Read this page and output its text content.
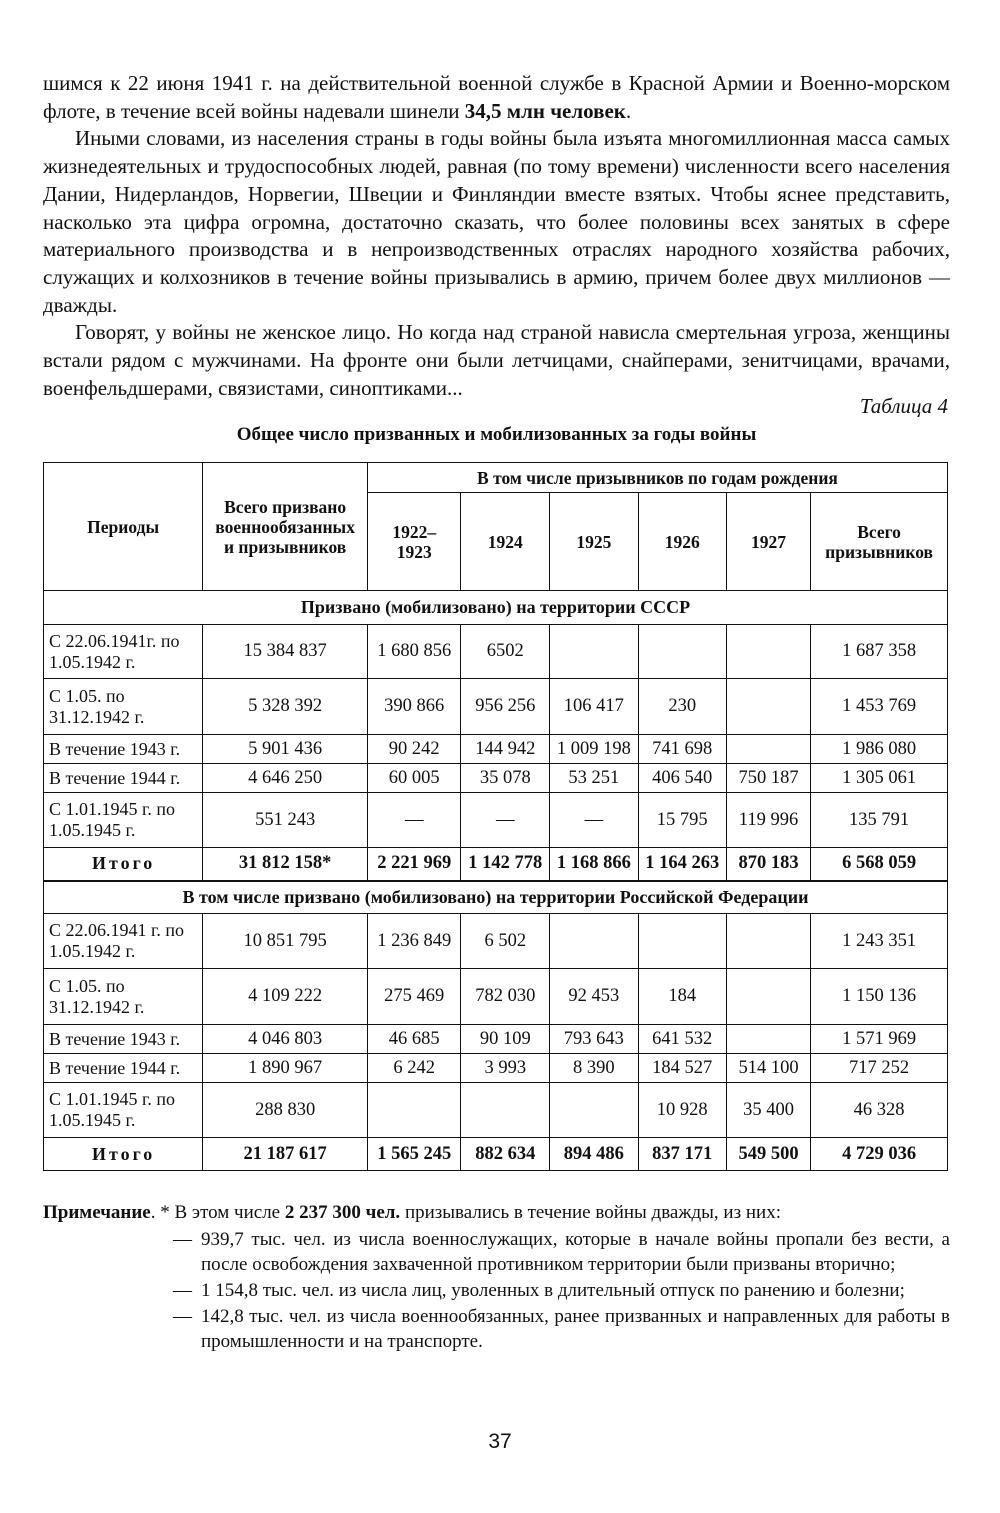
шимся к 22 июня 1941 г. на действительной военной службе в Красной Армии и Военно-морском флоте, в течение всей войны надевали шинели 34,5 млн человек.

Иными словами, из населения страны в годы войны была изъята многомиллионная масса самых жизнедеятельных и трудоспособных людей, равная (по тому времени) численности всего населения Дании, Нидерландов, Норвегии, Швеции и Финляндии вместе взятых. Чтобы яснее представить, насколько эта цифра огромна, достаточно сказать, что более половины всех занятых в сфере материального производства и в непроизводственных отраслях народного хозяйства рабочих, служащих и колхозников в течение войны призывались в армию, причем более двух миллионов — дважды.

Говорят, у войны не женское лицо. Но когда над страной нависла смертельная угроза, женщины встали рядом с мужчинами. На фронте они были летчицами, снайперами, зенитчицами, врачами, военфельдшерами, связистами, синоптиками...

Таблица 4
Общее число призванных и мобилизованных за годы войны
Периоды	Всего призвано военнообязанных и призывников	В том числе призывников по годам рождения					
		1922–1923	1924	1925	1926	1927	Всего призывников
Призвано (мобилизовано) на территории СССР							
С 22.06.1941г. по 1.05.1942 г.	15 384 837	1 680 856	6502				1 687 358
С 1.05. по 31.12.1942 г.	5 328 392	390 866	956 256	106 417	230		1 453 769
В течение 1943 г.	5 901 436	90 242	144 942	1 009 198	741 698		1 986 080
В течение 1944 г.	4 646 250	60 005	35 078	53 251	406 540	750 187	1 305 061
С 1.01.1945 г. по 1.05.1945 г.	551 243	—	—	—	15 795	119 996	135 791
Итого	31 812 158*	2 221 969	1 142 778	1 168 866	1 164 263	870 183	6 568 059
В том числе призвано (мобилизовано) на территории Российской Федерации							
С 22.06.1941 г. по 1.05.1942 г.	10 851 795	1 236 849	6 502				1 243 351
С 1.05. по 31.12.1942 г.	4 109 222	275 469	782 030	92 453	184		1 150 136
В течение 1943 г.	4 046 803	46 685	90 109	793 643	641 532		1 571 969
В течение 1944 г.	1 890 967	6 242	3 993	8 390	184 527	514 100	717 252
С 1.01.1945 г. по 1.05.1945 г.	288 830				10 928	35 400	46 328
Итого	21 187 617	1 565 245	882 634	894 486	837 171	549 500	4 729 036
Примечание. * В этом числе 2 237 300 чел. призывались в течение войны дважды, из них:
— 939,7 тыс. чел. из числа военнослужащих, которые в начале войны пропали без вести, а после освобождения захваченной противником территории были призваны вторично;
— 1 154,8 тыс. чел. из числа лиц, уволенных в длительный отпуск по ранению и болезни;
— 142,8 тыс. чел. из числа военнообязанных, ранее призванных и направленных для работы в промышленности и на транспорте.
37
